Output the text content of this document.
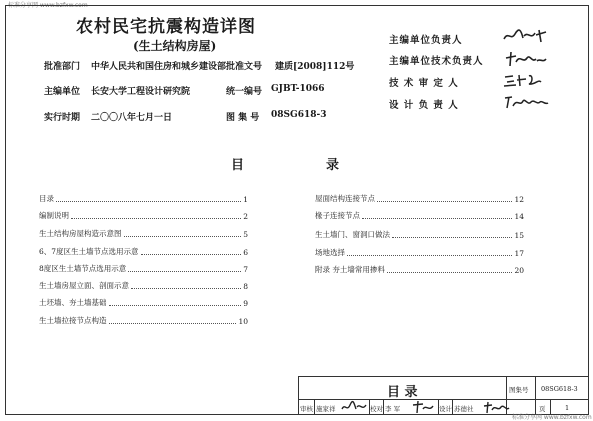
标准分享网 www.bzfxw.com
农村民宅抗震构造详图
(生土结构房屋)
批准部门 中华人民共和国住房和城乡建设部 批准文号 建质[2008]112号
主编单位 长安大学工程设计研究院	统一编号 GJBT-1066
实行时期 二〇〇八年七月一日	图 集 号 08SG618-3
主编单位负责人
主编单位技术负责人
技 术 审 定 人
设 计 负 责 人
目	录
目录	1
编制说明	2
生土结构房屋构造示意图	5
6、7度区生土墙节点选用示意	6
8度区生土墙节点选用示意	7
生土墙房屋立面、剖面示意	8
土坯墙、夯土墙基础	9
生土墙拉接节点构造	10
屋面结构连接节点	12
椽子连接节点	14
生土墙门、窗洞口做法	15
场地选择	17
附录 夯土墙常用掺料	20
目 录	图集号 08SG618-3
审核 施家祥	校对 李 军	设计 苏德社	页	1
标准分享网 www.bzfxw.com
